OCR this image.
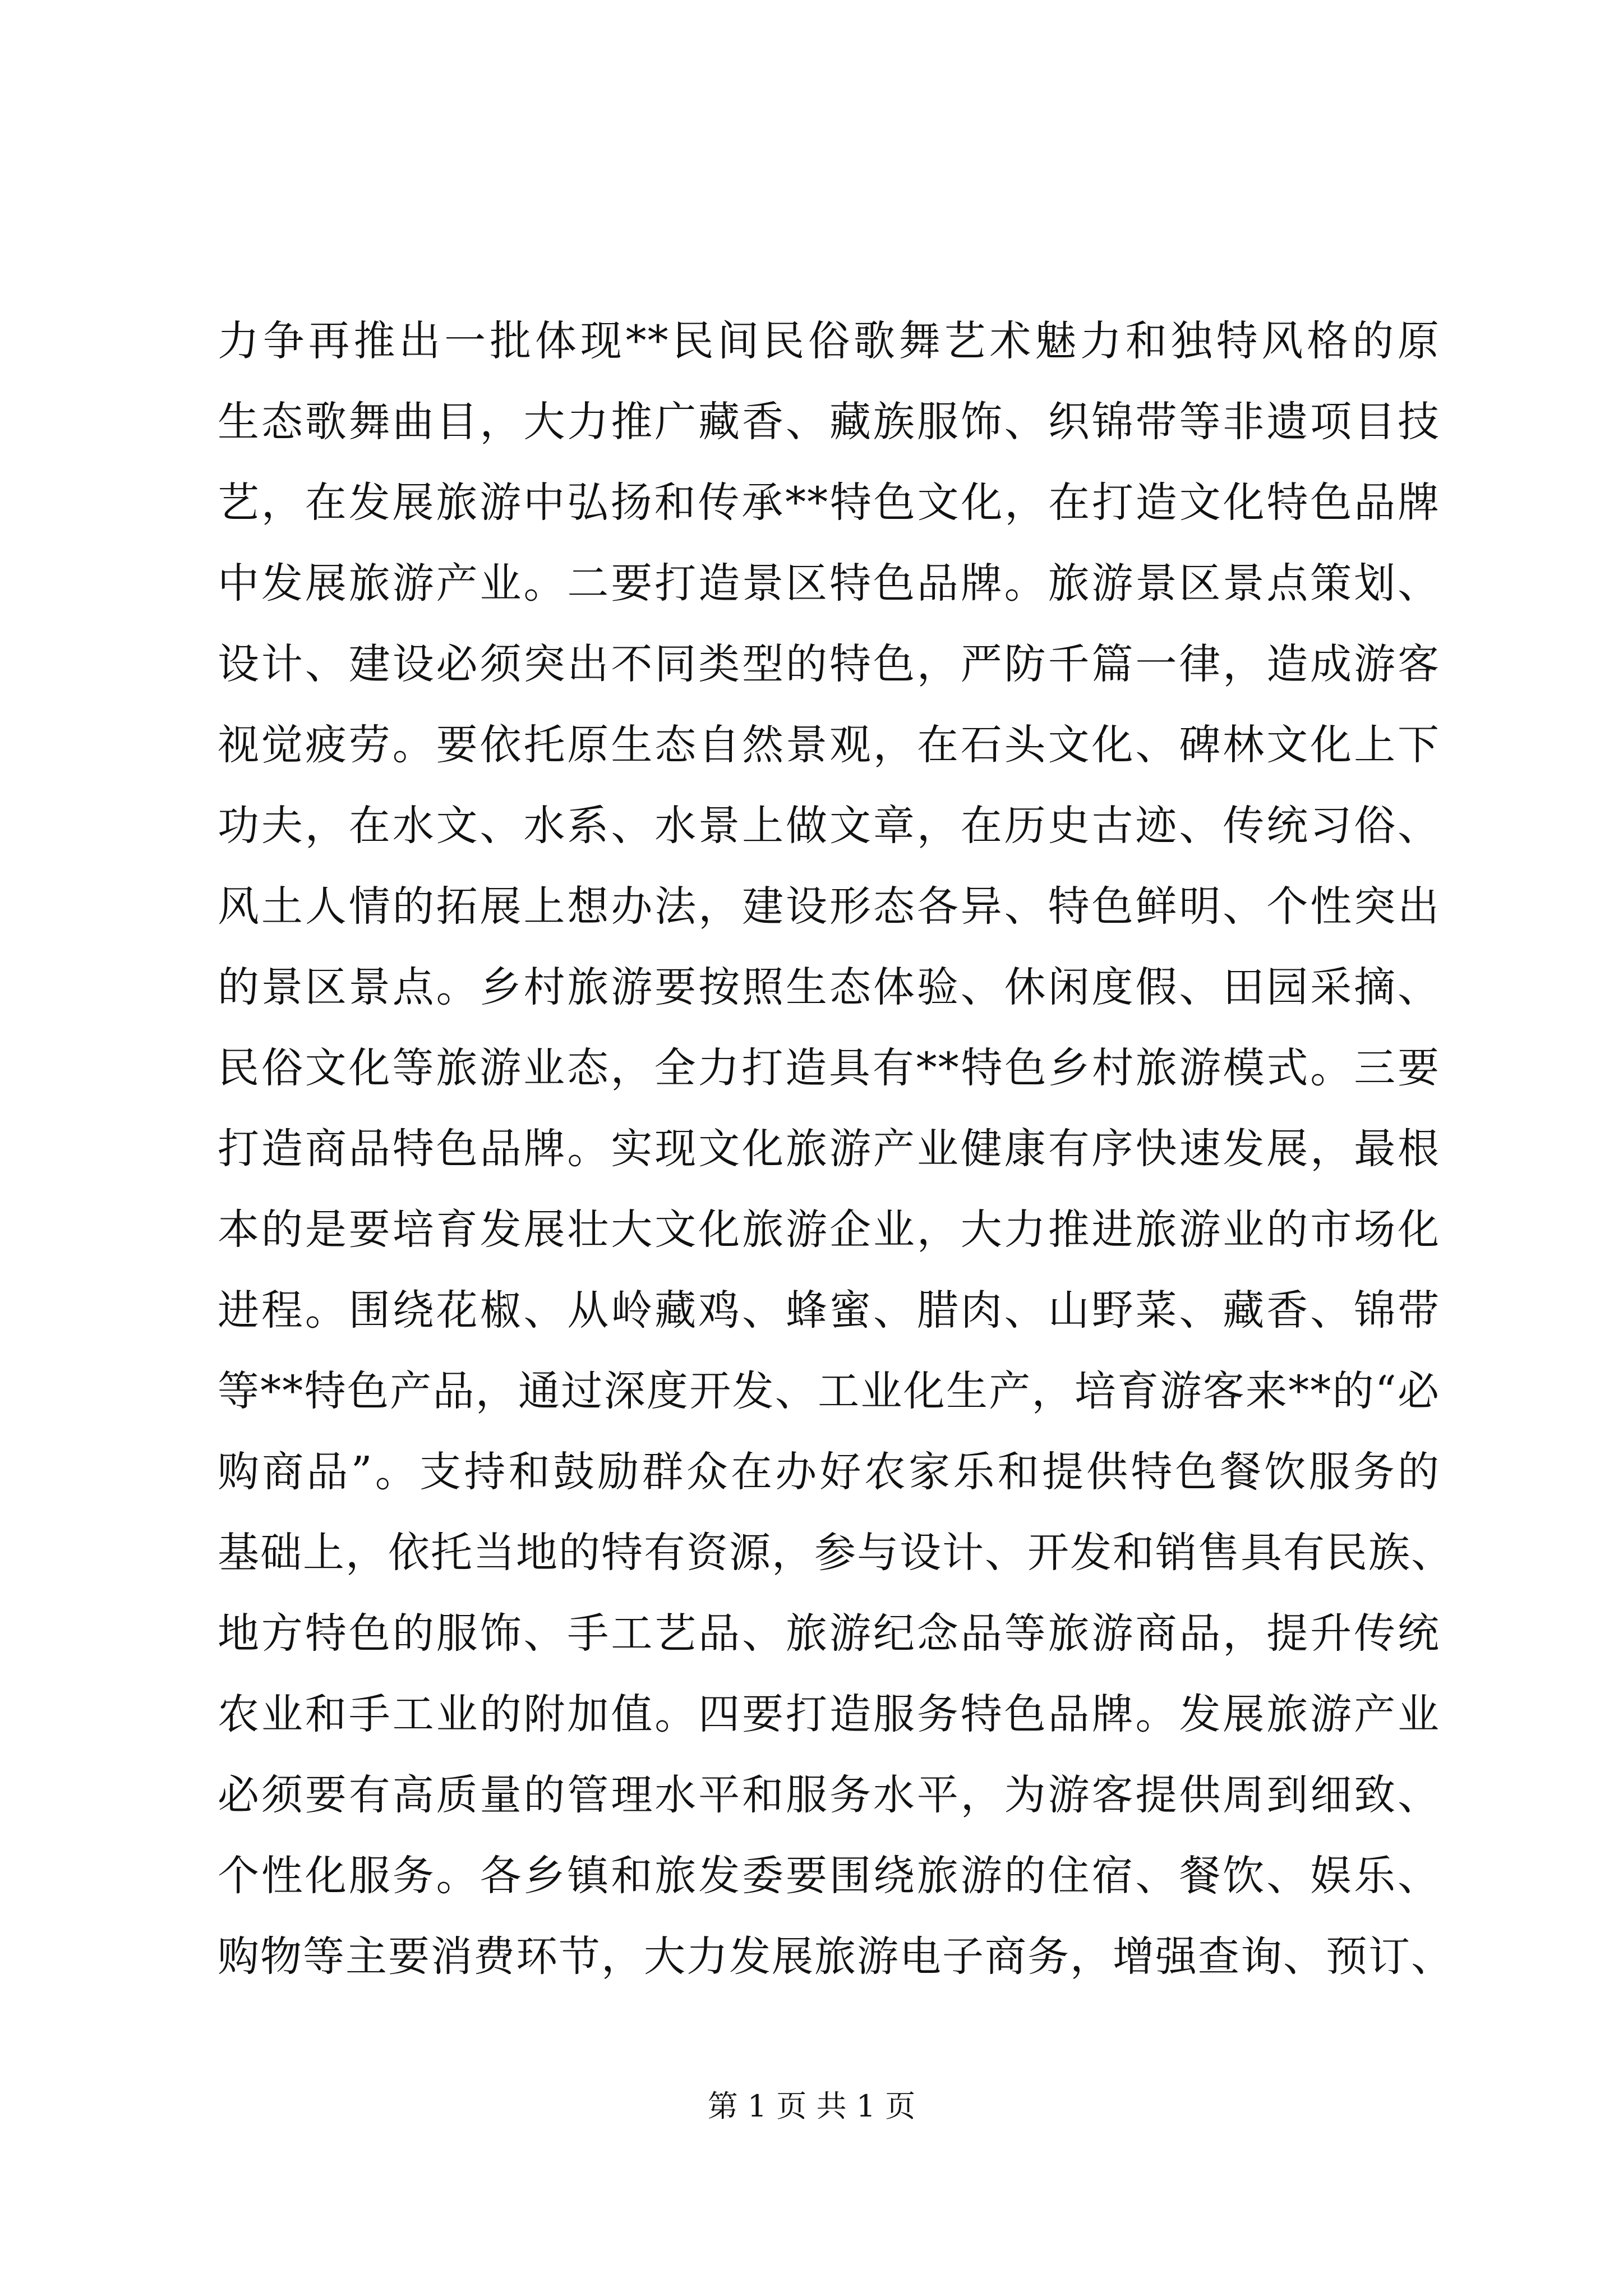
力争再推出一批体现**民间民俗歌舞艺术魅力和独特风格的原
生态歌舞曲目，大力推广藏香、藏族服饰、织锦带等非遗项目技
艺，在发展旅游中弘扬和传承**特色文化，在打造文化特色品牌
中发展旅游产业。二要打造景区特色品牌。旅游景区景点策划、
设计、建设必须突出不同类型的特色，严防千篇一律，造成游客
视觉疲劳。要依托原生态自然景观，在石头文化、碑林文化上下
功夫，在水文、水系、水景上做文章，在历史古迹、传统习俗、
风土人情的拓展上想办法，建设形态各异、特色鲜明、个性突出
的景区景点。乡村旅游要按照生态体验、休闲度假、田园采摘、
民俗文化等旅游业态，全力打造具有**特色乡村旅游模式。三要
打造商品特色品牌。实现文化旅游产业健康有序快速发展，最根
本的是要培育发展壮大文化旅游企业，大力推进旅游业的市场化
进程。围绕花椒、从岭藏鸡、蜂蜜、腊肉、山野菜、藏香、锦带
等**特色产品，通过深度开发、工业化生产，培育游客来**的“必
购商品”。支持和鼓励群众在办好农家乐和提供特色餐饮服务的
基础上，依托当地的特有资源，参与设计、开发和销售具有民族、
地方特色的服饰、手工艺品、旅游纪念品等旅游商品，提升传统
农业和手工业的附加值。四要打造服务特色品牌。发展旅游产业
必须要有高质量的管理水平和服务水平，为游客提供周到细致、
个性化服务。各乡镇和旅发委要围绕旅游的住宿、餐饮、娱乐、
购物等主要消费环节，大力发展旅游电子商务，增强查询、预订、
第 1 页 共 1 页
